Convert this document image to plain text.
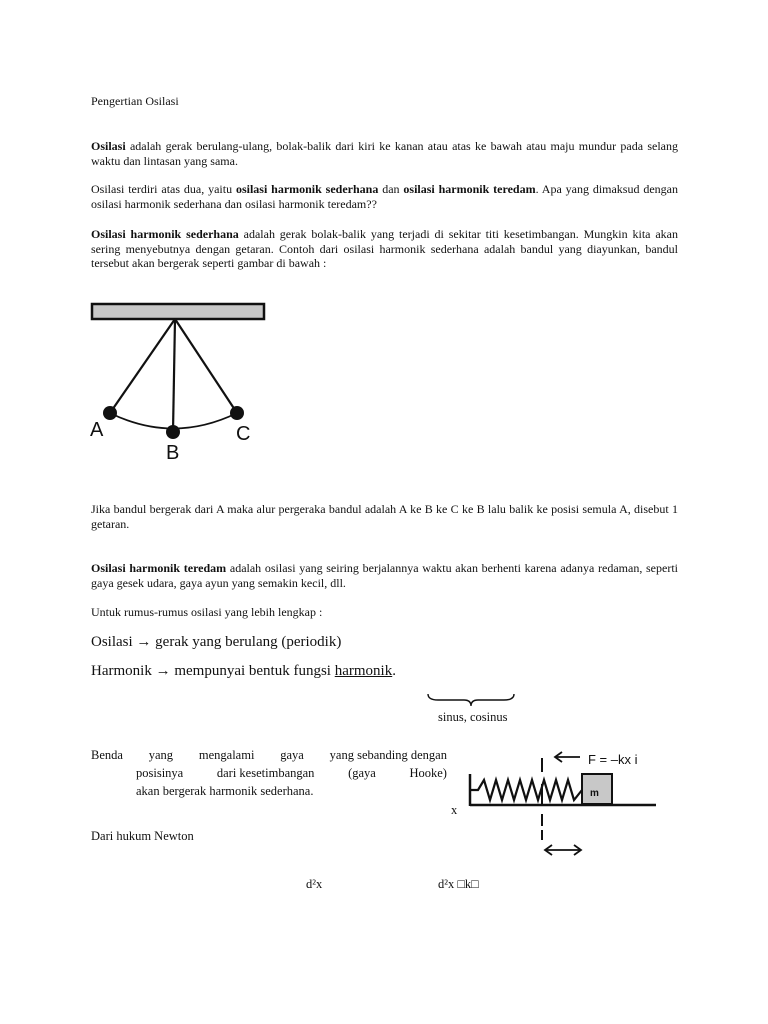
Pengertian Osilasi

Osilasi adalah gerak berulang-ulang, bolak-balik dari kiri ke kanan atau atas ke bawah atau maju mundur pada selang waktu dan lintasan yang sama.

Osilasi terdiri atas dua, yaitu osilasi harmonik sederhana dan osilasi harmonik teredam. Apa yang dimaksud dengan osilasi harmonik sederhana dan osilasi harmonik teredam??

Osilasi harmonik sederhana adalah gerak bolak-balik yang terjadi di sekitar titi kesetimbangan. Mungkin kita akan sering menyebutnya dengan getaran. Contoh dari osilasi harmonik sederhana adalah bandul yang diayunkan, bandul tersebut akan bergerak seperti gambar di bawah :

A
B
C

Jika bandul bergerak dari A maka alur pergeraka bandul adalah A ke B ke C ke B lalu balik ke posisi semula A, disebut 1 getaran.

Osilasi harmonik teredam adalah osilasi yang seiring berjalannya waktu akan berhenti karena adanya redaman, seperti gaya gesek udara, gaya ayun yang semakin kecil, dll.

Untuk rumus-rumus osilasi yang lebih lengkap :

Osilasi → gerak yang berulang (periodik)
Harmonik → mempunyai bentuk fungsi harmonik.
sinus, cosinus
Benda yang mengalami gaya yang sebanding dengan
posisinya	dari kesetimbangan	(gaya	Hooke)
akan bergerak harmonik sederhana.
F = –kx i
m
x
Dari hukum Newton
d²x	d²x □k□
